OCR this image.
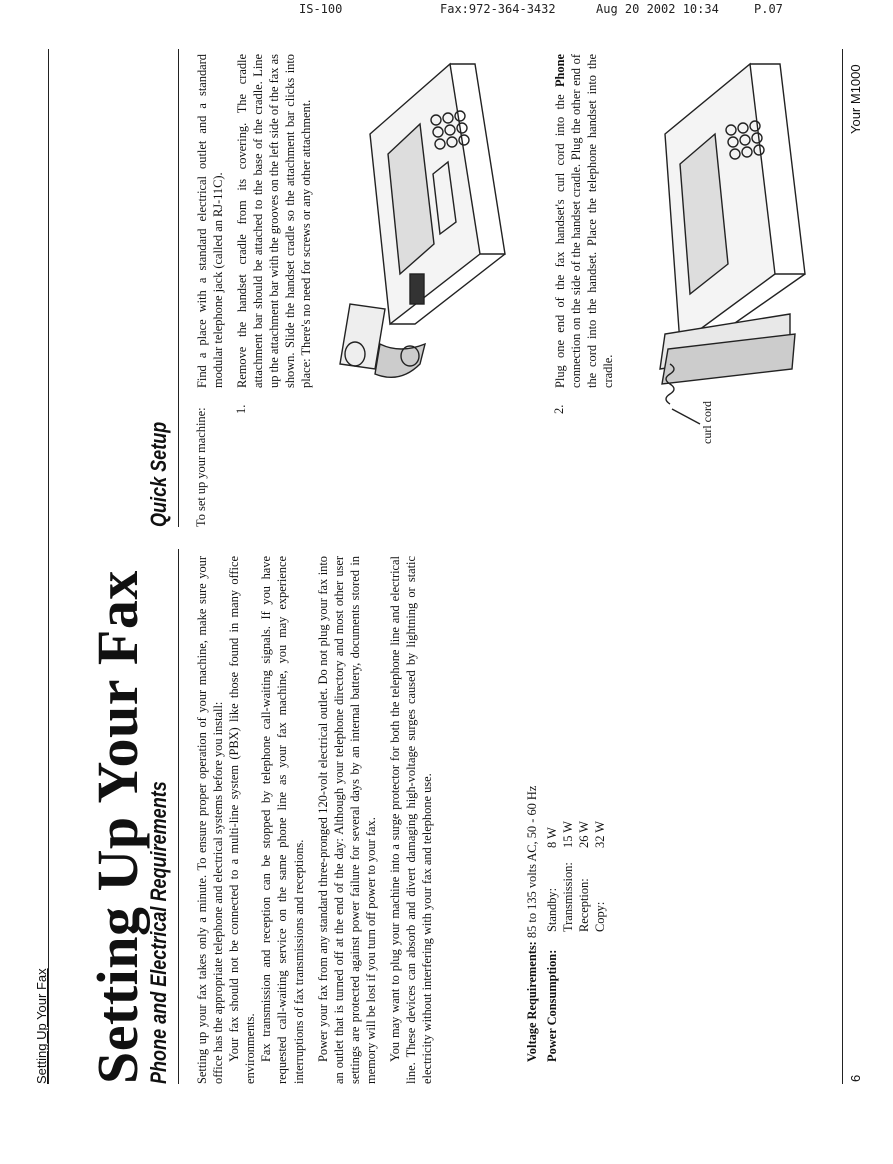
IS-100	Fax:972-364-3432	Aug 20 2002 10:34	P.07
Setting Up Your Fax Setting Up Your Fax
Phone and Electrical Requirements Setting up your fax takes only a minute. To ensure proper operation of your machine, make sure your office has the appropriate telephone and electrical systems before you install: Your fax should not be connected to a multi-line system (PBX) like those found in many office environments. Fax transmission and reception can be stopped by telephone call-waiting signals. If you have requested call-waiting service on the same phone line as your fax machine, you may experience interruptions of fax transmissions and receptions. Power your fax from any standard three-pronged 120-volt electrical outlet. Do not plug your fax into an outlet that is turned off at the end of the day: Although your telephone directory and most other user settings are protected against power failure for several days by an internal battery, documents stored in memory will be lost if you turn off power to your fax. You may want to plug your machine into a surge protector for both the telephone line and electrical line. These devices can absorb and divert damaging high-voltage surges caused by lightning or static electricity without interfering with your fax and telephone use.	Voltage Requirements: 85 to 135 volts AC, 50 - 60 Hz
Power Consumption:
Standby:8 W
Transmission:15 W
Reception:26 W
Copy:32 W
Quick Setup To set up your machine:
Find a place with a standard electrical outlet and a standard modular telephone jack (called an RJ-11C).
1.
Remove the handset cradle from its covering. The cradle attachment bar should be attached to the base of the cradle. Line up the attachment bar with the grooves on the left side of the fax as shown. Slide the handset cradle so the attachment bar clicks into place: There's no need for screws or any other attachment.
2.
Plug one end of the fax handset's curl cord into the Phone connection on the side of the handset cradle. Plug the other end of the cord into the handset. Place the telephone handset into the cradle.
curl cord
6
Your M1000
